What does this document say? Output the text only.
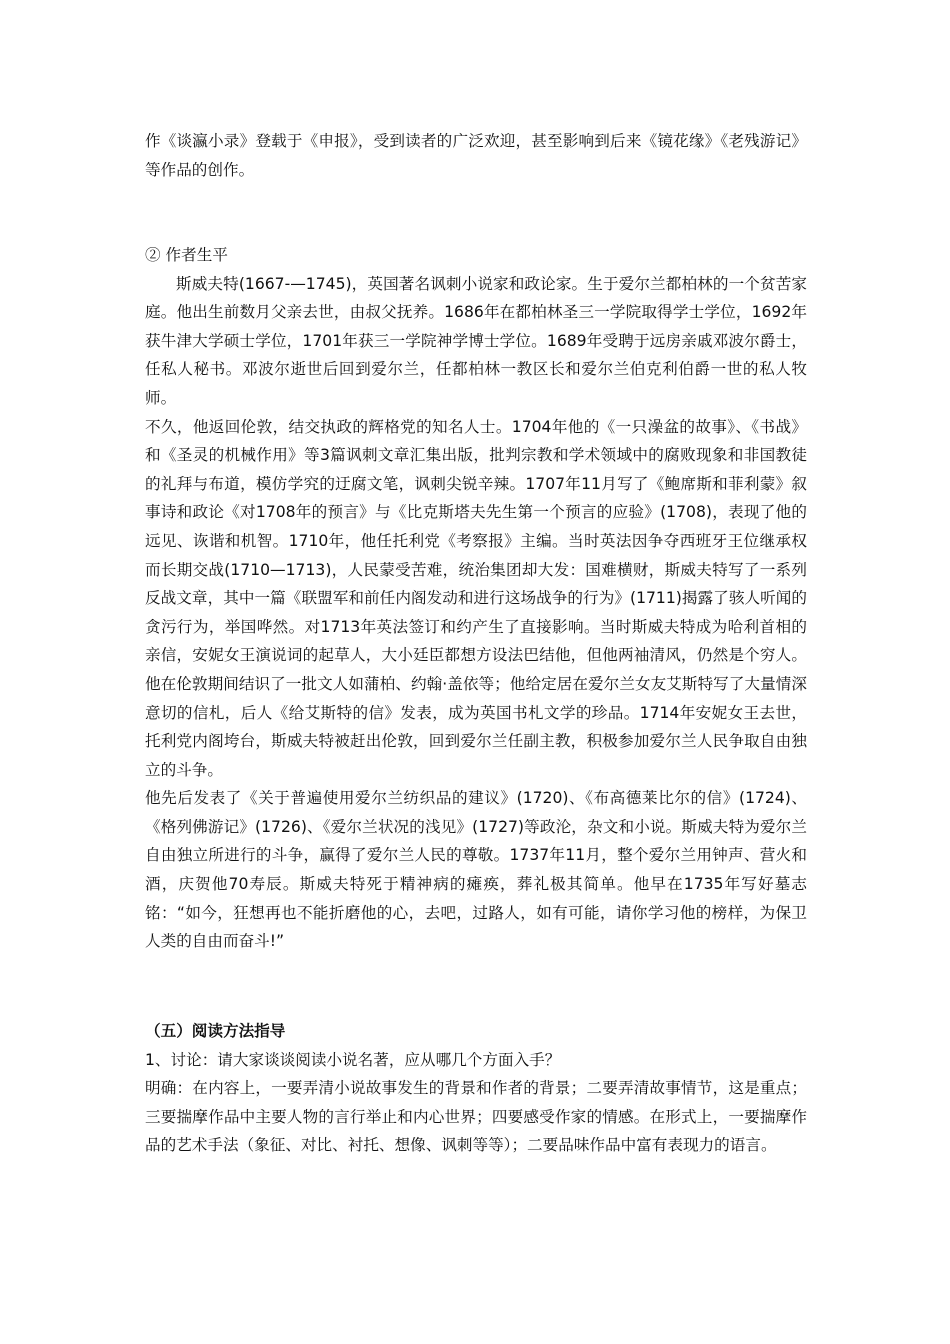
作《谈瀛小录》登载于《申报》，受到读者的广泛欢迎，甚至影响到后来《镜花缘》《老残游记》等作品的创作。

② 作者生平

斯威夫特(1667-—1745)，英国著名讽刺小说家和政论家。生于爱尔兰都柏林的一个贫苦家庭。他出生前数月父亲去世，由叔父抚养。1686年在都柏林圣三一学院取得学士学位，1692年获牛津大学硕士学位，1701年获三一学院神学博士学位。1689年受聘于远房亲戚邓波尔爵士，任私人秘书。邓波尔逝世后回到爱尔兰，任都柏林一教区长和爱尔兰伯克利伯爵一世的私人牧师。

不久，他返回伦敦，结交执政的辉格党的知名人士。1704年他的《一只澡盆的故事》、《书战》和《圣灵的机械作用》等3篇讽刺文章汇集出版，批判宗教和学术领域中的腐败现象和非国教徒的礼拜与布道，模仿学究的迂腐文笔，讽刺尖锐辛辣。1707年11月写了《鲍席斯和菲利蒙》叙事诗和政论《对1708年的预言》与《比克斯塔夫先生第一个预言的应验》(1708)，表现了他的远见、诙谐和机智。1710年，他任托利党《考察报》主编。当时英法因争夺西班牙王位继承权而长期交战(1710—1713)，人民蒙受苦难，统治集团却大发：国难横财，斯威夫特写了一系列反战文章，其中一篇《联盟军和前任内阁发动和进行这场战争的行为》(1711)揭露了骇人听闻的贪污行为，举国哗然。对1713年英法签订和约产生了直接影响。当时斯威夫特成为哈利首相的亲信，安妮女王演说词的起草人，大小廷臣都想方设法巴结他，但他两袖清风，仍然是个穷人。他在伦敦期间结识了一批文人如蒲柏、约翰·盖依等；他给定居在爱尔兰女友艾斯特写了大量情深意切的信札，后人《给艾斯特的信》发表，成为英国书札文学的珍品。1714年安妮女王去世，托利党内阁垮台，斯威夫特被赶出伦敦，回到爱尔兰任副主教，积极参加爱尔兰人民争取自由独立的斗争。

他先后发表了《关于普遍使用爱尔兰纺织品的建议》(1720)、《布高德莱比尔的信》(1724)、《格列佛游记》(1726)、《爱尔兰状况的浅见》(1727)等政沦，杂文和小说。斯威夫特为爱尔兰自由独立所进行的斗争，赢得了爱尔兰人民的尊敬。1737年11月，整个爱尔兰用钟声、营火和酒，庆贺他70寿辰。斯威夫特死于精神病的瘫痪，葬礼极其简单。他早在1735年写好墓志铭：“如今，狂想再也不能折磨他的心，去吧，过路人，如有可能，请你学习他的榜样，为保卫人类的自由而奋斗!”

（五）阅读方法指导

1、讨论：请大家谈谈阅读小说名著，应从哪几个方面入手？

明确：在内容上，一要弄清小说故事发生的背景和作者的背景；二要弄清故事情节，这是重点；三要揣摩作品中主要人物的言行举止和内心世界；四要感受作家的情感。在形式上，一要揣摩作品的艺术手法（象征、对比、衬托、想像、讽刺等等）；二要品味作品中富有表现力的语言。
